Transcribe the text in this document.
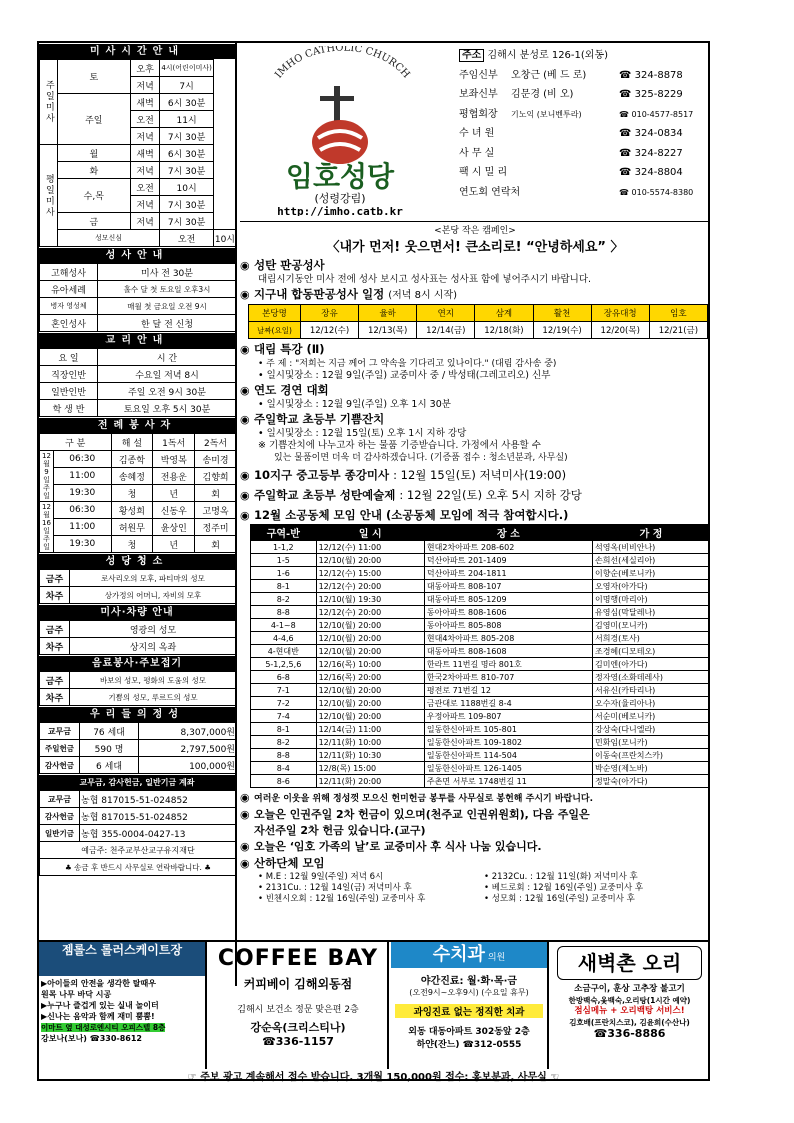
미사시간안내
주일미사	토	오후	4시(어린이미사)	
		저녁	7시	
	주일	새벽	6시 30분	
		오전	11시	
		저녁	7시 30분	
평일미사	월	새벽	6시 30분	
	화	저녁	7시 30분	
	수,목	오전	10시	
		저녁	7시 30분	
	금	저녁	7시 30분	
	성모신심		오전	10시
성사안내
고해성사	미사 전 30분
유아세례	홀수 달 첫 토요일 오후3시
병자 영성체	매월 첫 금요일 오전 9시
혼인성사	한 달 전 신청
교리안내
요 일	시 간
직장인반	수요일 저녁 8시
일반인반	주일 오전 9시 30분
학 생 반	토요일 오후 5시 30분
전례봉사자
구 분		해 설	1독서	2독서
12월9일 주일	06:30	김종학	박영복	송미경
	11:00	송혜정	전용운	김향희
	19:30	청	년	회
12월16일 주일	06:30	황성희	신동우	고명옥
	11:00	허원무	윤상인	정주미
	19:30	청	년	회
성당청소
금주	로사리오의 모후, 파티마의 성모
차주	상가정의 어머니, 자비의 모후
미사·차량 안내
금주	영광의 성모
차주	상지의 옥좌
음료봉사·주보접기
금주	바보의 성모, 평화의 도움의 성모
차주	기쁨의 성모, 루르드의 성모
우리들의정성
교무금	76 세대	8,307,000원
주일헌금	590 명	2,797,500원
감사헌금	6 세대	100,000원
교무금, 감사헌금, 일반기금 계좌
교무금	농협 817015-51-024852
감사헌금	농협 817015-51-024852
일반기금	농협 355-0004-0427-13
예금주: 천주교부산교구유지재단	
♣ 송금 후 반드시 사무실로 연락바랍니다. ♣	
IMHO CATHOLIC CHURCH
임호성당
(성령강림)
http://imho.catb.kr
주소 김해시 분성로 126-1(외동)
주임신부 오창근 (베 드 로)	☎ 324-8878
보좌신부 김문경 (비 오)	☎ 325-8229
평협회장 기노익 (보니벤투라)	☎ 010-4577-8517
수 녀 원	☎ 324-0834
사 무 실	☎ 324-8227
팩 시 밀 리	☎ 324-8804
연도회 연락처	☎ 010-5574-8380
<본당 작은 캠페인>
〈내가 먼저! 웃으면서! 큰소리로! “안녕하세요” 〉
◉ 성탄 판공성사
대림시기동안 미사 전에 성사 보시고 성사표는 성사표 함에 넣어주시기 바랍니다.
◉ 지구내 합동판공성사 일정 (저녁 8시 시작)
본당명	장유	율하	연지	삼계	활천	장유대청	임호
날짜(요일)	12/12(수)	12/13(목)	12/14(금)	12/18(화)	12/19(수)	12/20(목)	12/21(금)
◉ 대림 특강 (Ⅱ)
• 주 제 : "저희는 지금 께어 그 약속을 기다리고 있나이다." (대림 감사송 중)
• 일시및장소 : 12월 9일(주일) 교중미사 중 / 박성태(그레고리오) 신부
◉ 연도 경연 대회
• 일시및장소 : 12월 9일(주일) 오후 1시 30분
◉ 주일학교 초등부 기쁨잔치
• 일시및장소 : 12월 15일(토) 오후 1시 지하 강당
※ 기쁨잔치에 나누고자 하는 물품 기증받습니다. 가정에서 사용할 수
있는 물품이면 더욱 더 감사하겠습니다. (기증품 접수 : 청소년분과, 사무실)
◉ 10지구 중고등부 종강미사 : 12월 15일(토) 저녁미사(19:00)
◉ 주일학교 초등부 성탄예술제 : 12월 22일(토) 오후 5시 지하 강당
◉ 12월 소공동체 모임 안내 (소공동체 모임에 적극 참여합시다.)
구역-반	일 시	장 소	가 정
1-1,2	12/12(수) 11:00	현대2차아파트 208-602	석영옥(비비안나)
1-5	12/10(월) 20:00	덕산아파트 201-1409	손희선(세실리아)
1-6	12/12(수) 15:00	덕산아파트 204-1811	이향순(베로니카)
8-1	12/12(수) 20:00	대동아파트 808-107	오영자(아가다)
8-2	12/10(월) 19:30	대동아파트 805-1209	이명행(마리아)
8-8	12/12(수) 20:00	동아아파트 808-1606	유영심(막달레나)
4-1~8	12/10(월) 20:00	동아아파트 805-808	김영미(모니카)
4-4,6	12/10(월) 20:00	현대4차아파트 805-208	서희경(토사)
4-현대반	12/10(월) 20:00	대동아파트 808-1608	조경혜(디모테오)
5-1,2,5,6	12/16(목) 10:00	한라트 11번길 명라 801호	김미엔(아가다)
6-8	12/16(목) 20:00	한국2차아파트 810-707	정자영(소화데레사)
7-1	12/10(월) 20:00	평전로 71번길 12	서유신(카타리나)
7-2	12/10(월) 20:00	금관대로 1188번길 8-4	오수자(율리아나)
7-4	12/10(월) 20:00	우정아파트 109-807	서순미(베로니카)
8-1	12/14(금) 11:00	일동한신아파트 105-801	강상숙(다니엘라)
8-2	12/11(화) 10:00	일동한신아파트 109-1802	민화임(모니카)
8-8	12/11(화) 10:30	일동한신아파트 114-504	이동숙(프란치스카)
8-4	12/8(목) 15:00	일동한신아파트 126-1405	박순영(제노바)
8-6	12/11(화) 20:00	주촌면 서부로 1748번길 11	정말숙(아가다)
◉ 여러운 이웃을 위해 정성껏 모으신 헌미헌금 봉투를 사무실로 봉헌해 주시기 바랍니다.
◉ 오늘은 인권주일 2차 헌금이 있으며(천주교 인권위원회), 다음 주일은
자선주일 2차 헌금 있습니다.(교구)
◉ 오늘은 ‘임호 가족의 날’로 교중미사 후 식사 나눔 있습니다.
◉ 산하단체 모임
• M.E : 12월 9일(주일) 저녁 6시	• 2132Cu. : 12월 11일(화) 저녁미사 후
• 2131Cu. : 12월 14일(금) 저녁미사 후	• 베드로회 : 12월 16일(주일) 교중미사 후
• 빈첸시오회 : 12월 16일(주일) 교중미사 후	• 성모회 : 12월 16일(주일) 교중미사 후
젬롤스 롤러스케이트장
▶아이들의 안전을 생각한 탈때우
원목 나무 바닥 시공
▶누구나 즐겁게 있는 실내 놀이터
▶신나는 음악과 함께 재미 뿜뿜!
이마트 옆 대성로엔시티 오피스텔 8층
강보나(보나) ☎330-8612
COFFEE BAY
커피베이 김해외동점
김해시 보건소 정문 맞은편 2층
강순옥(크리스티나)
☎336-1157
수치과 의원
야간진료: 월·화·목·금
(오전9시~오후9시) (수요일 휴무)
과잉진료 없는 정직한 치과
외동 대동아파트 302동앞 2층
하얀(잔느) ☎312-0555
새벽촌 오리
소금구이, 훈상 고추장 불고기
한방백숙,옻백숙,오리탕(1시간 예약)
점심메뉴 + 오리백탕 서비스!
김호배(프란치스코), 김윤희(수산나)
☎336-8886
☞ 주보 광고 계속해서 접수 받습니다. 3개월 150,000원 접수: 홍보분과, 사무실 ☜
